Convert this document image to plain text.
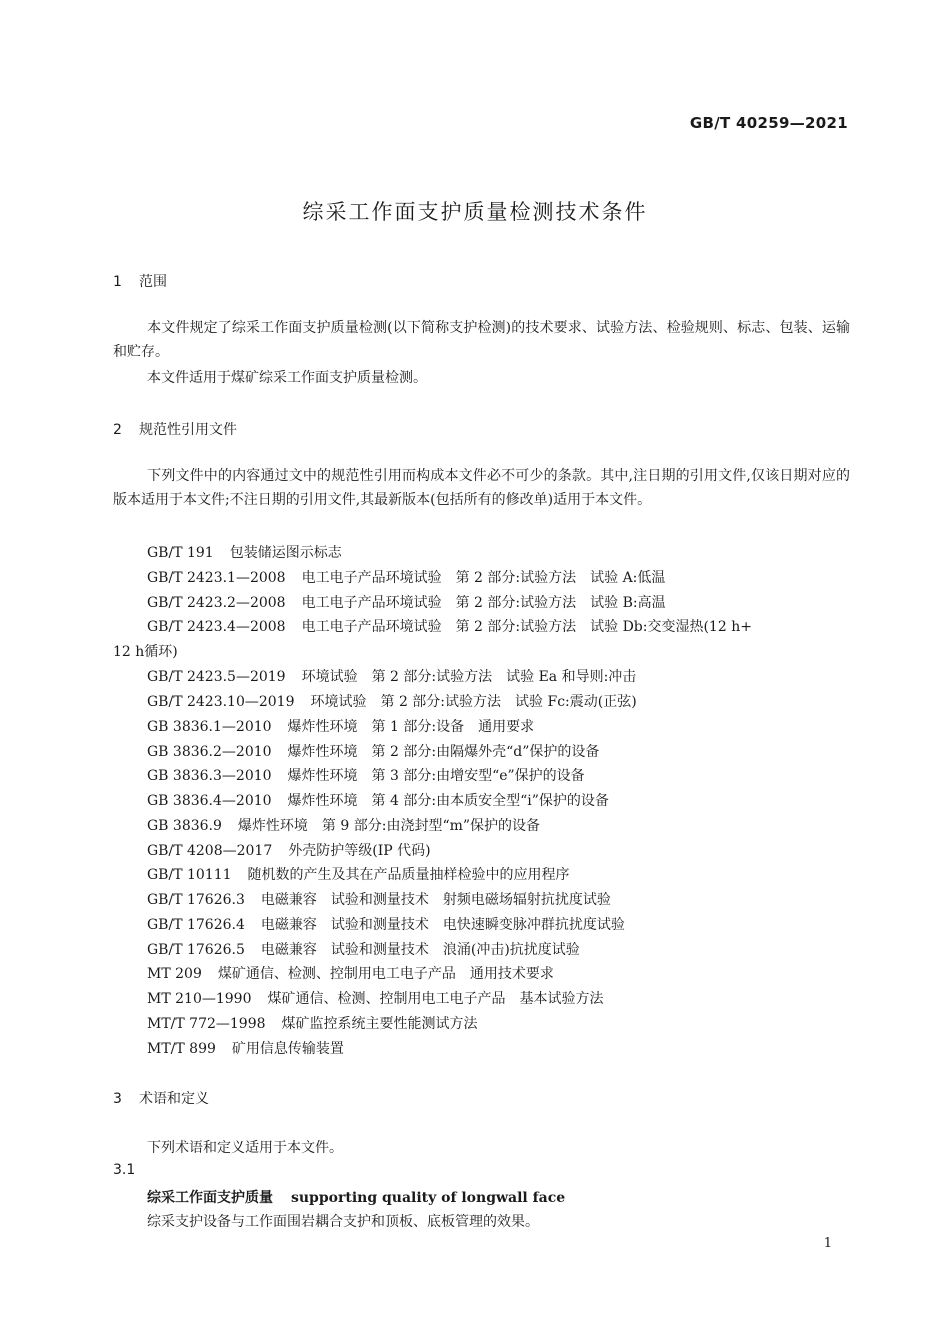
GB/T 40259—2021
综采工作面支护质量检测技术条件
1 范围
本文件规定了综采工作面支护质量检测(以下简称支护检测)的技术要求、试验方法、检验规则、标志、包装、运输和贮存。
本文件适用于煤矿综采工作面支护质量检测。
2 规范性引用文件
下列文件中的内容通过文中的规范性引用而构成本文件必不可少的条款。其中,注日期的引用文件,仅该日期对应的版本适用于本文件;不注日期的引用文件,其最新版本(包括所有的修改单)适用于本文件。
GB/T 191 包装储运图示标志
GB/T 2423.1—2008 电工电子产品环境试验　第 2 部分:试验方法　试验 A:低温
GB/T 2423.2—2008 电工电子产品环境试验　第 2 部分:试验方法　试验 B:高温
GB/T 2423.4—2008 电工电子产品环境试验　第 2 部分:试验方法　试验 Db:交变湿热(12 h+
12 h循环)
GB/T 2423.5—2019 环境试验　第 2 部分:试验方法　试验 Ea 和导则:冲击
GB/T 2423.10—2019 环境试验　第 2 部分:试验方法　试验 Fc:震动(正弦)
GB 3836.1—2010 爆炸性环境　第 1 部分:设备　通用要求
GB 3836.2—2010 爆炸性环境　第 2 部分:由隔爆外壳“d”保护的设备
GB 3836.3—2010 爆炸性环境　第 3 部分:由增安型“e”保护的设备
GB 3836.4—2010 爆炸性环境　第 4 部分:由本质安全型“i”保护的设备
GB 3836.9 爆炸性环境　第 9 部分:由浇封型“m”保护的设备
GB/T 4208—2017 外壳防护等级(IP 代码)
GB/T 10111 随机数的产生及其在产品质量抽样检验中的应用程序
GB/T 17626.3 电磁兼容　试验和测量技术　射频电磁场辐射抗扰度试验
GB/T 17626.4 电磁兼容　试验和测量技术　电快速瞬变脉冲群抗扰度试验
GB/T 17626.5 电磁兼容　试验和测量技术　浪涌(冲击)抗扰度试验
MT 209 煤矿通信、检测、控制用电工电子产品　通用技术要求
MT 210—1990 煤矿通信、检测、控制用电工电子产品　基本试验方法
MT/T 772—1998 煤矿监控系统主要性能测试方法
MT/T 899 矿用信息传输装置
3 术语和定义
下列术语和定义适用于本文件。
3.1
综采工作面支护质量 supporting quality of longwall face
综采支护设备与工作面围岩耦合支护和顶板、底板管理的效果。
1
